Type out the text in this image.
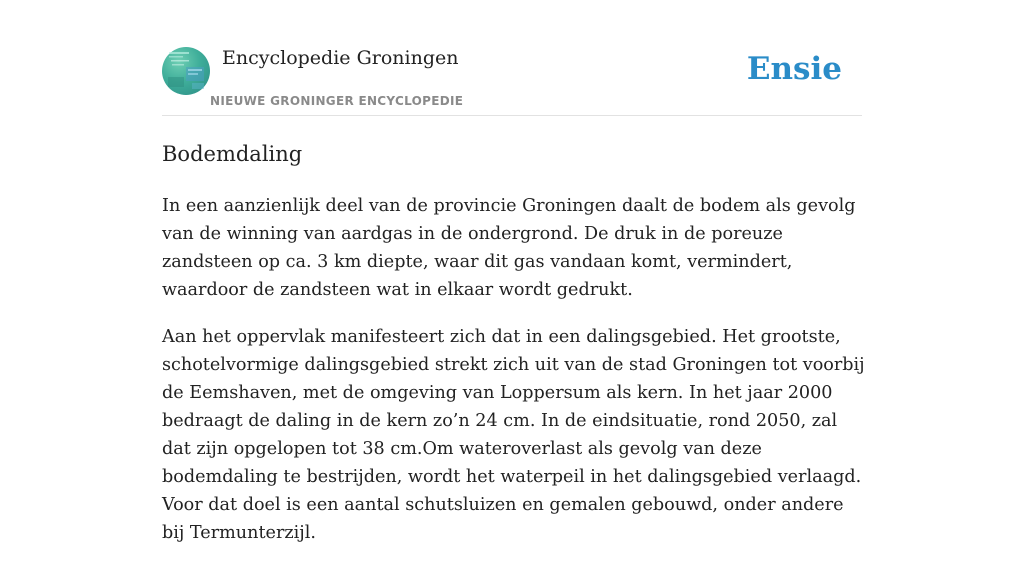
Encyclopedie Groningen
NIEUWE GRONINGER ENCYCLOPEDIE
Ensie
Bodemdaling

In een aanzienlijk deel van de provincie Groningen daalt de bodem als gevolg van de winning van aardgas in de ondergrond. De druk in de poreuze zandsteen op ca. 3 km diepte, waar dit gas vandaan komt, vermindert, waardoor de zandsteen wat in elkaar wordt gedrukt.

Aan het oppervlak manifesteert zich dat in een dalingsgebied. Het grootste, schotelvormige dalingsgebied strekt zich uit van de stad Groningen tot voorbij de Eemshaven, met de omgeving van Loppersum als kern. In het jaar 2000 bedraagt de daling in de kern zo’n 24 cm. In de eindsituatie, rond 2050, zal dat zijn opgelopen tot 38 cm.Om wateroverlast als gevolg van deze bodemdaling te bestrijden, wordt het waterpeil in het dalingsgebied verlaagd. Voor dat doel is een aantal schutsluizen en gemalen gebouwd, onder andere bij Termunterzijl.
